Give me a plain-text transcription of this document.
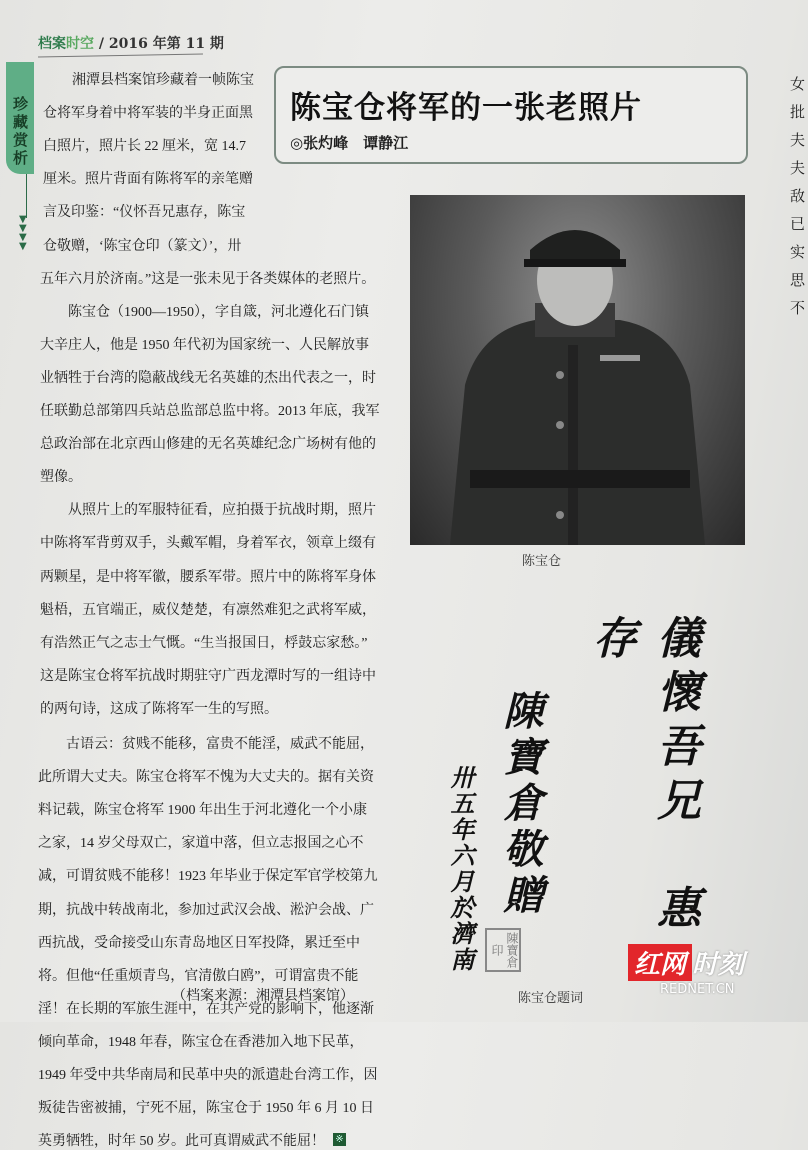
档案时空 / 2016 年第 11 期
珍藏赏析
▼
▼
▼
▼
湘潭县档案馆珍藏着一帧陈宝
仓将军身着中将军装的半身正面黑
白照片，照片长 22 厘米，宽 14.7
厘米。照片背面有陈将军的亲笔赠
言及印鉴：“仪怀吾兄惠存，陈宝
仓敬赠，‘陈宝仓印（篆文）’，卅
五年六月於济南。”这是一张未见于各类媒体的老照片。
　　陈宝仓（1900—1950），字自箴，河北遵化石门镇
大辛庄人，他是 1950 年代初为国家统一、人民解放事
业牺牲于台湾的隐蔽战线无名英雄的杰出代表之一，时
任联勤总部第四兵站总监部总监中将。2013 年底，我军
总政治部在北京西山修建的无名英雄纪念广场树有他的
塑像。
　　从照片上的军服特征看，应拍摄于抗战时期，照片
中陈将军背剪双手，头戴军帽，身着军衣，领章上缀有
两颗星，是中将军徽，腰系军带。照片中的陈将军身体
魁梧，五官端正，威仪楚楚，有凛然难犯之武将军威，
有浩然正气之志士气慨。“生当报国日，桴鼓忘家愁。”
这是陈宝仓将军抗战时期驻守广西龙潭时写的一组诗中
的两句诗，这成了陈将军一生的写照。
　　古语云：贫贱不能移，富贵不能淫，威武不能屈，
此所谓大丈夫。陈宝仓将军不愧为大丈夫的。据有关资
料记载，陈宝仓将军 1900 年出生于河北遵化一个小康
之家，14 岁父母双亡，家道中落，但立志报国之心不
减，可谓贫贱不能移！1923 年毕业于保定军官学校第九
期，抗战中转战南北，参加过武汉会战、淞沪会战、广
西抗战，受命接受山东青岛地区日军投降，累迁至中
将。但他“任重烦青鸟，官清傲白鸥”，可谓富贵不能
淫！在长期的军旅生涯中，在共产党的影响下，他逐渐
倾向革命，1948 年春，陈宝仓在香港加入地下民革，
1949 年受中共华南局和民革中央的派遣赴台湾工作，因
叛徒告密被捕，宁死不屈，陈宝仓于 1950 年 6 月 10 日
英勇牺牲，时年 50 岁。此可真谓威武不能屈！ ※
（档案来源：湘潭县档案馆）
陈宝仓将军的一张老照片
◎张灼峰　谭静江
陈宝仓
儀懷吾兄　惠存
陳寶倉敬贈
卅五年六月於濟南	陳寶倉印
陈宝仓题词
女批夫夫敌已实思不
红网 时刻
REDNET.CN
